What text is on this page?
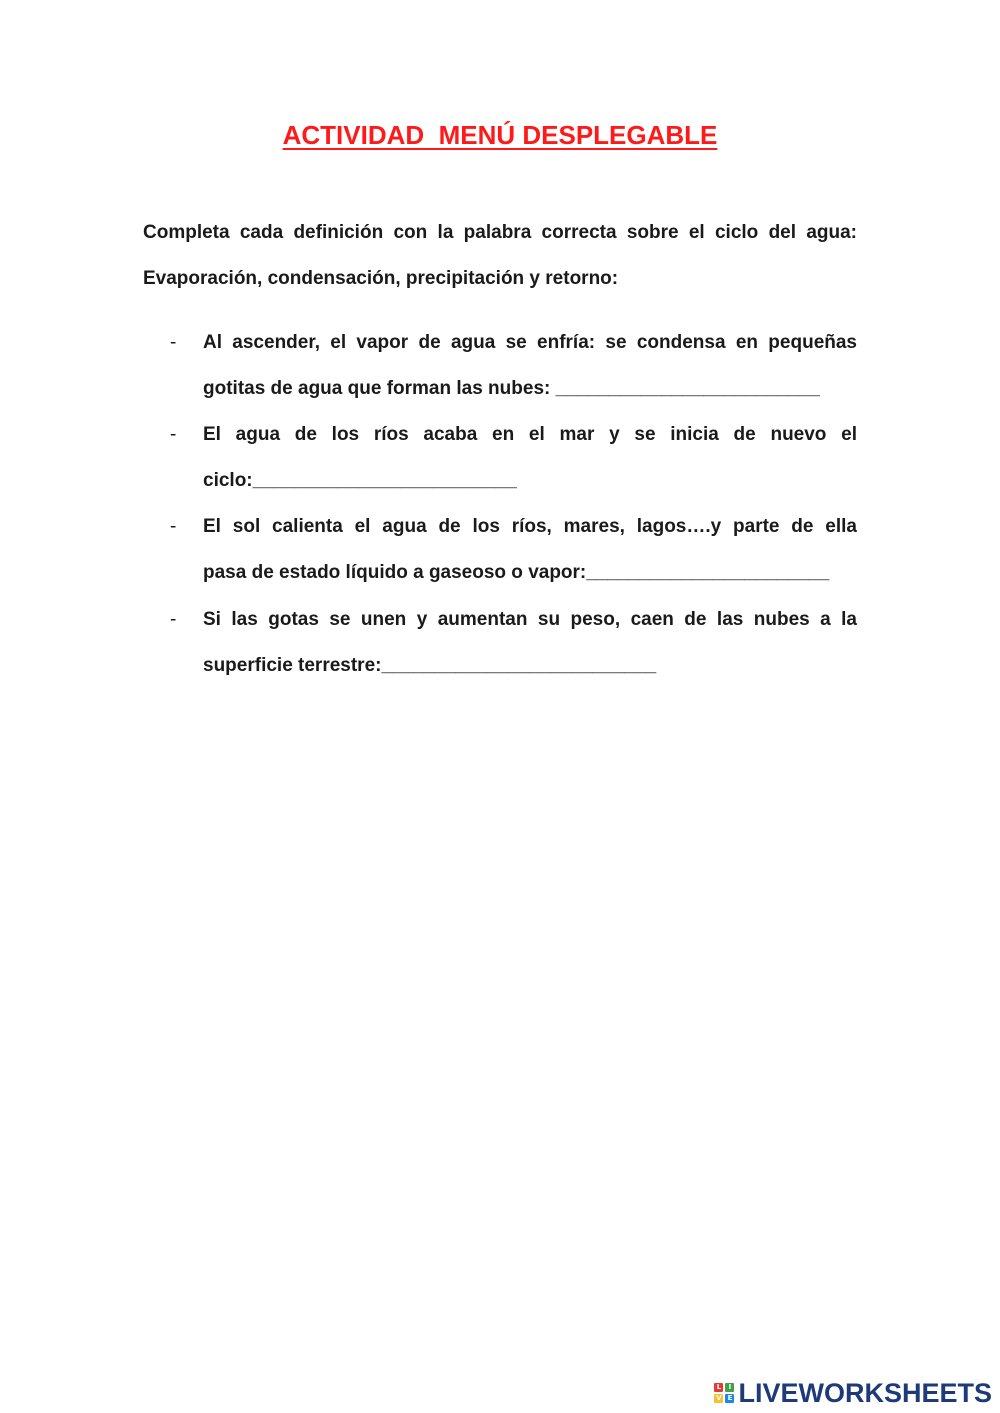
ACTIVIDAD  MENÚ DESPLEGABLE
Completa cada definición con la palabra correcta sobre el ciclo del agua:
Evaporación, condensación, precipitación y retorno:
- Al ascender, el vapor de agua se enfría: se condensa en pequeñas
gotitas de agua que forman las nubes: _________________________
- El agua de los ríos acaba en el mar y se inicia de nuevo el
ciclo:_________________________
- El sol calienta el agua de los ríos, mares, lagos….y parte de ella
pasa de estado líquido a gaseoso o vapor:_______________________
- Si las gotas se unen y aumentan su peso, caen de las nubes a la
superficie terrestre:__________________________
L	I
V E LIVEWORKSHEETS
